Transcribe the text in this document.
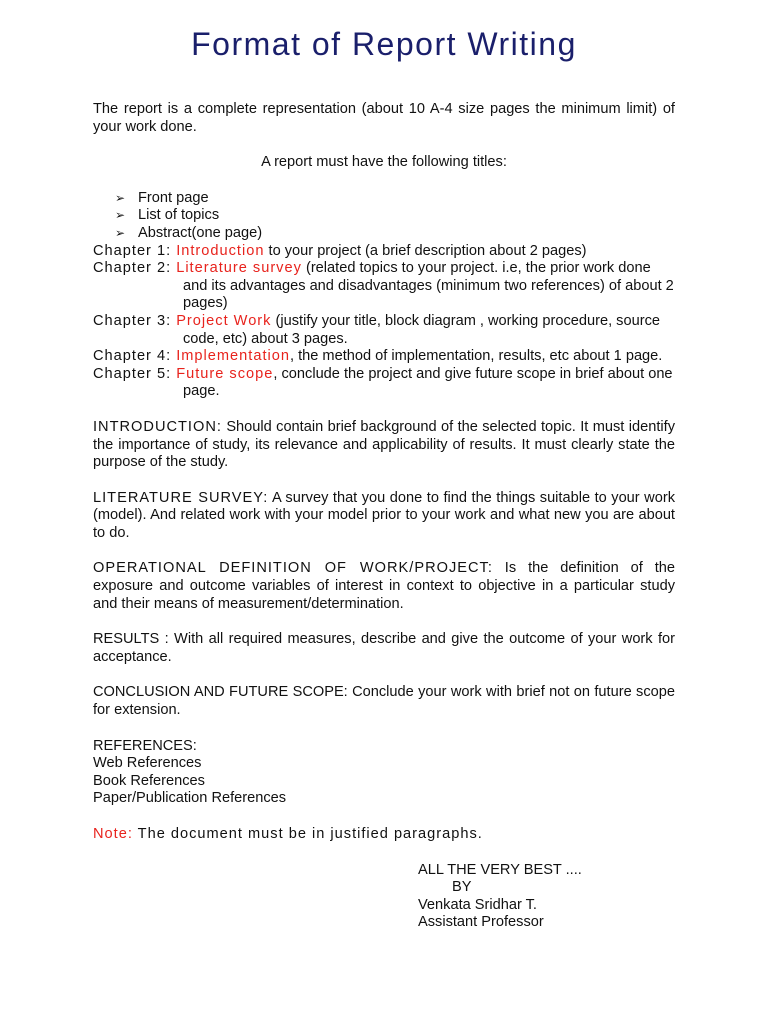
Format of Report Writing

The report is a complete representation (about 10 A-4 size pages the minimum limit) of your work done.

A report must have the following titles:

➢ Front page
➢ List of topics
➢ Abstract(one page)

Chapter 1: Introduction to your project (a brief description about 2 pages)

Chapter 2: Literature survey (related topics to your project. i.e, the prior work done and its advantages and disadvantages (minimum two references) of about 2 pages)

Chapter 3: Project Work (justify your title, block diagram , working procedure, source code, etc) about 3 pages.

Chapter 4: Implementation, the method of implementation, results, etc about 1 page.

Chapter 5: Future scope, conclude the project and give future scope in brief about one page.

INTRODUCTION: Should contain brief background of the selected topic. It must identify the importance of study, its relevance and applicability of results. It must clearly state the purpose of the study.

LITERATURE SURVEY: A survey that you done to find the things suitable to your work (model). And related work with your model prior to your work and what new you are about to do.

OPERATIONAL DEFINITION OF WORK/PROJECT: Is the definition of the exposure and outcome variables of interest in context to objective in a particular study and their means of measurement/determination.

RESULTS : With all required measures, describe and give the outcome of your work for acceptance.

CONCLUSION AND FUTURE SCOPE: Conclude your work with brief not on future scope for extension.

REFERENCES:

Web References

Book References

Paper/Publication References

Note: The document must be in justified paragraphs.

ALL THE VERY BEST ....

BY

Venkata Sridhar T.

Assistant Professor
